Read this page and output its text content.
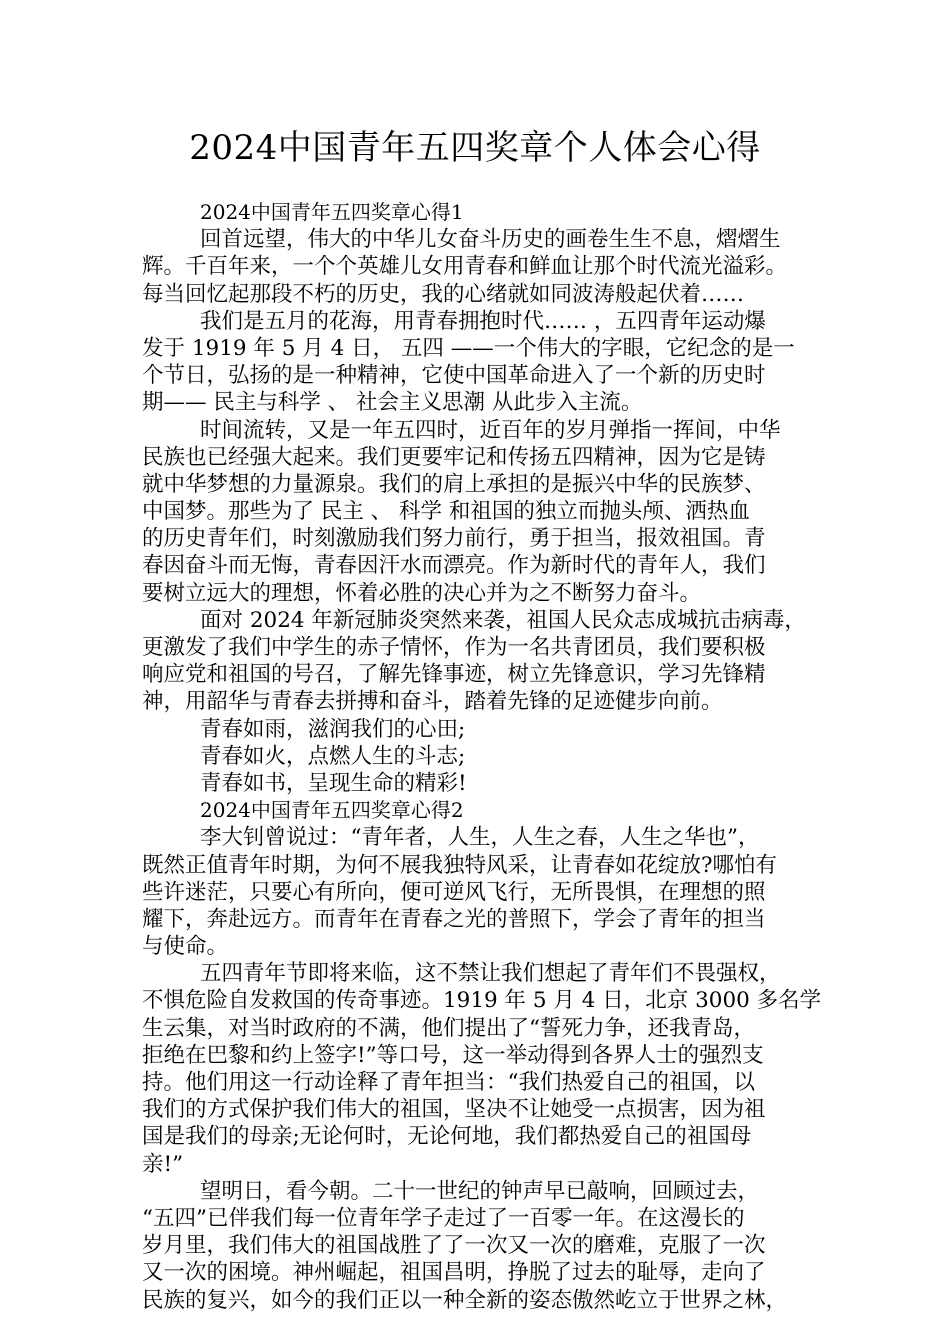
2024中国青年五四奖章个人体会心得
2024中国青年五四奖章心得1
回首远望，伟大的中华儿女奋斗历史的画卷生生不息，熠熠生
辉。千百年来，一个个英雄儿女用青春和鲜血让那个时代流光溢彩。
每当回忆起那段不朽的历史，我的心绪就如同波涛般起伏着……
我们是五月的花海，用青春拥抱时代…… ，五四青年运动爆
发于 1919 年 5 月 4 日， 五四 ——一个伟大的字眼，它纪念的是一
个节日，弘扬的是一种精神，它使中国革命进入了一个新的历史时
期—— 民主与科学 、 社会主义思潮 从此步入主流。
时间流转，又是一年五四时，近百年的岁月弹指一挥间，中华
民族也已经强大起来。我们更要牢记和传扬五四精神，因为它是铸
就中华梦想的力量源泉。我们的肩上承担的是振兴中华的民族梦、
中国梦。那些为了 民主 、 科学 和祖国的独立而抛头颅、洒热血
的历史青年们，时刻激励我们努力前行，勇于担当，报效祖国。青
春因奋斗而无悔，青春因汗水而漂亮。作为新时代的青年人，我们
要树立远大的理想，怀着必胜的决心并为之不断努力奋斗。
面对 2024 年新冠肺炎突然来袭，祖国人民众志成城抗击病毒，
更激发了我们中学生的赤子情怀，作为一名共青团员，我们要积极
响应党和祖国的号召，了解先锋事迹，树立先锋意识，学习先锋精
神，用韶华与青春去拼搏和奋斗，踏着先锋的足迹健步向前。
青春如雨，滋润我们的心田;
青春如火，点燃人生的斗志;
青春如书，呈现生命的精彩!
2024中国青年五四奖章心得2
李大钊曾说过：“青年者，人生，人生之春，人生之华也”，
既然正值青年时期，为何不展我独特风采，让青春如花绽放?哪怕有
些许迷茫，只要心有所向，便可逆风飞行，无所畏惧，在理想的照
耀下，奔赴远方。而青年在青春之光的普照下，学会了青年的担当
与使命。
五四青年节即将来临，这不禁让我们想起了青年们不畏强权，
不惧危险自发救国的传奇事迹。1919 年 5 月 4 日，北京 3000 多名学
生云集，对当时政府的不满，他们提出了“誓死力争，还我青岛，
拒绝在巴黎和约上签字!”等口号，这一举动得到各界人士的强烈支
持。他们用这一行动诠释了青年担当：“我们热爱自己的祖国，以
我们的方式保护我们伟大的祖国，坚决不让她受一点损害，因为祖
国是我们的母亲;无论何时，无论何地，我们都热爱自己的祖国母
亲!”
望明日，看今朝。二十一世纪的钟声早已敲响，回顾过去，
“五四”已伴我们每一位青年学子走过了一百零一年。在这漫长的
岁月里，我们伟大的祖国战胜了了一次又一次的磨难，克服了一次
又一次的困境。神州崛起，祖国昌明，挣脱了过去的耻辱，走向了
民族的复兴，如今的我们正以一种全新的姿态傲然屹立于世界之林，
